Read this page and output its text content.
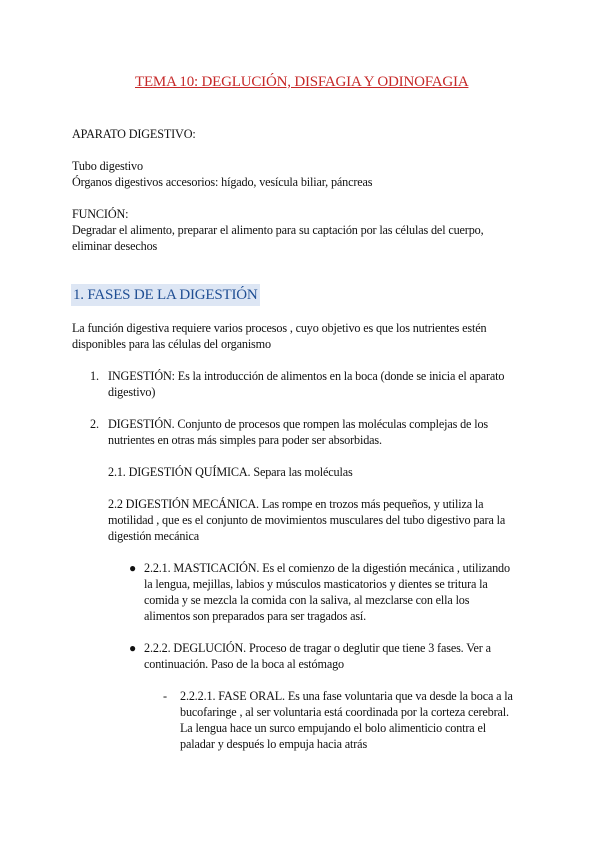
TEMA 10: DEGLUCIÓN, DISFAGIA Y ODINOFAGIA
APARATO DIGESTIVO:
Tubo digestivo
Órganos digestivos accesorios: hígado, vesícula biliar, páncreas
FUNCIÓN:
Degradar el alimento, preparar el alimento para su captación por las células del cuerpo,
eliminar desechos
1. FASES DE LA DIGESTIÓN
La función digestiva requiere varios procesos , cuyo objetivo es que los nutrientes estén
disponibles para las células del organismo
1. INGESTIÓN: Es la introducción de alimentos en la boca (donde se inicia el aparato
digestivo)
2. DIGESTIÓN. Conjunto de procesos que rompen las moléculas complejas de los
nutrientes en otras más simples para poder ser absorbidas.
2.1. DIGESTIÓN QUÍMICA. Separa las moléculas
2.2 DIGESTIÓN MECÁNICA. Las rompe en trozos más pequeños, y utiliza la
motilidad , que es el conjunto de movimientos musculares del tubo digestivo para la
digestión mecánica
● 2.2.1. MASTICACIÓN. Es el comienzo de la digestión mecánica , utilizando
la lengua, mejillas, labios y músculos masticatorios y dientes se tritura la
comida y se mezcla la comida con la saliva, al mezclarse con ella los
alimentos son preparados para ser tragados así.
● 2.2.2. DEGLUCIÓN. Proceso de tragar o deglutir que tiene 3 fases. Ver a
continuación. Paso de la boca al estómago
- 2.2.2.1. FASE ORAL. Es una fase voluntaria que va desde la boca a la
bucofaringe , al ser voluntaria está coordinada por la corteza cerebral.
La lengua hace un surco empujando el bolo alimenticio contra el
paladar y después lo empuja hacia atrás
